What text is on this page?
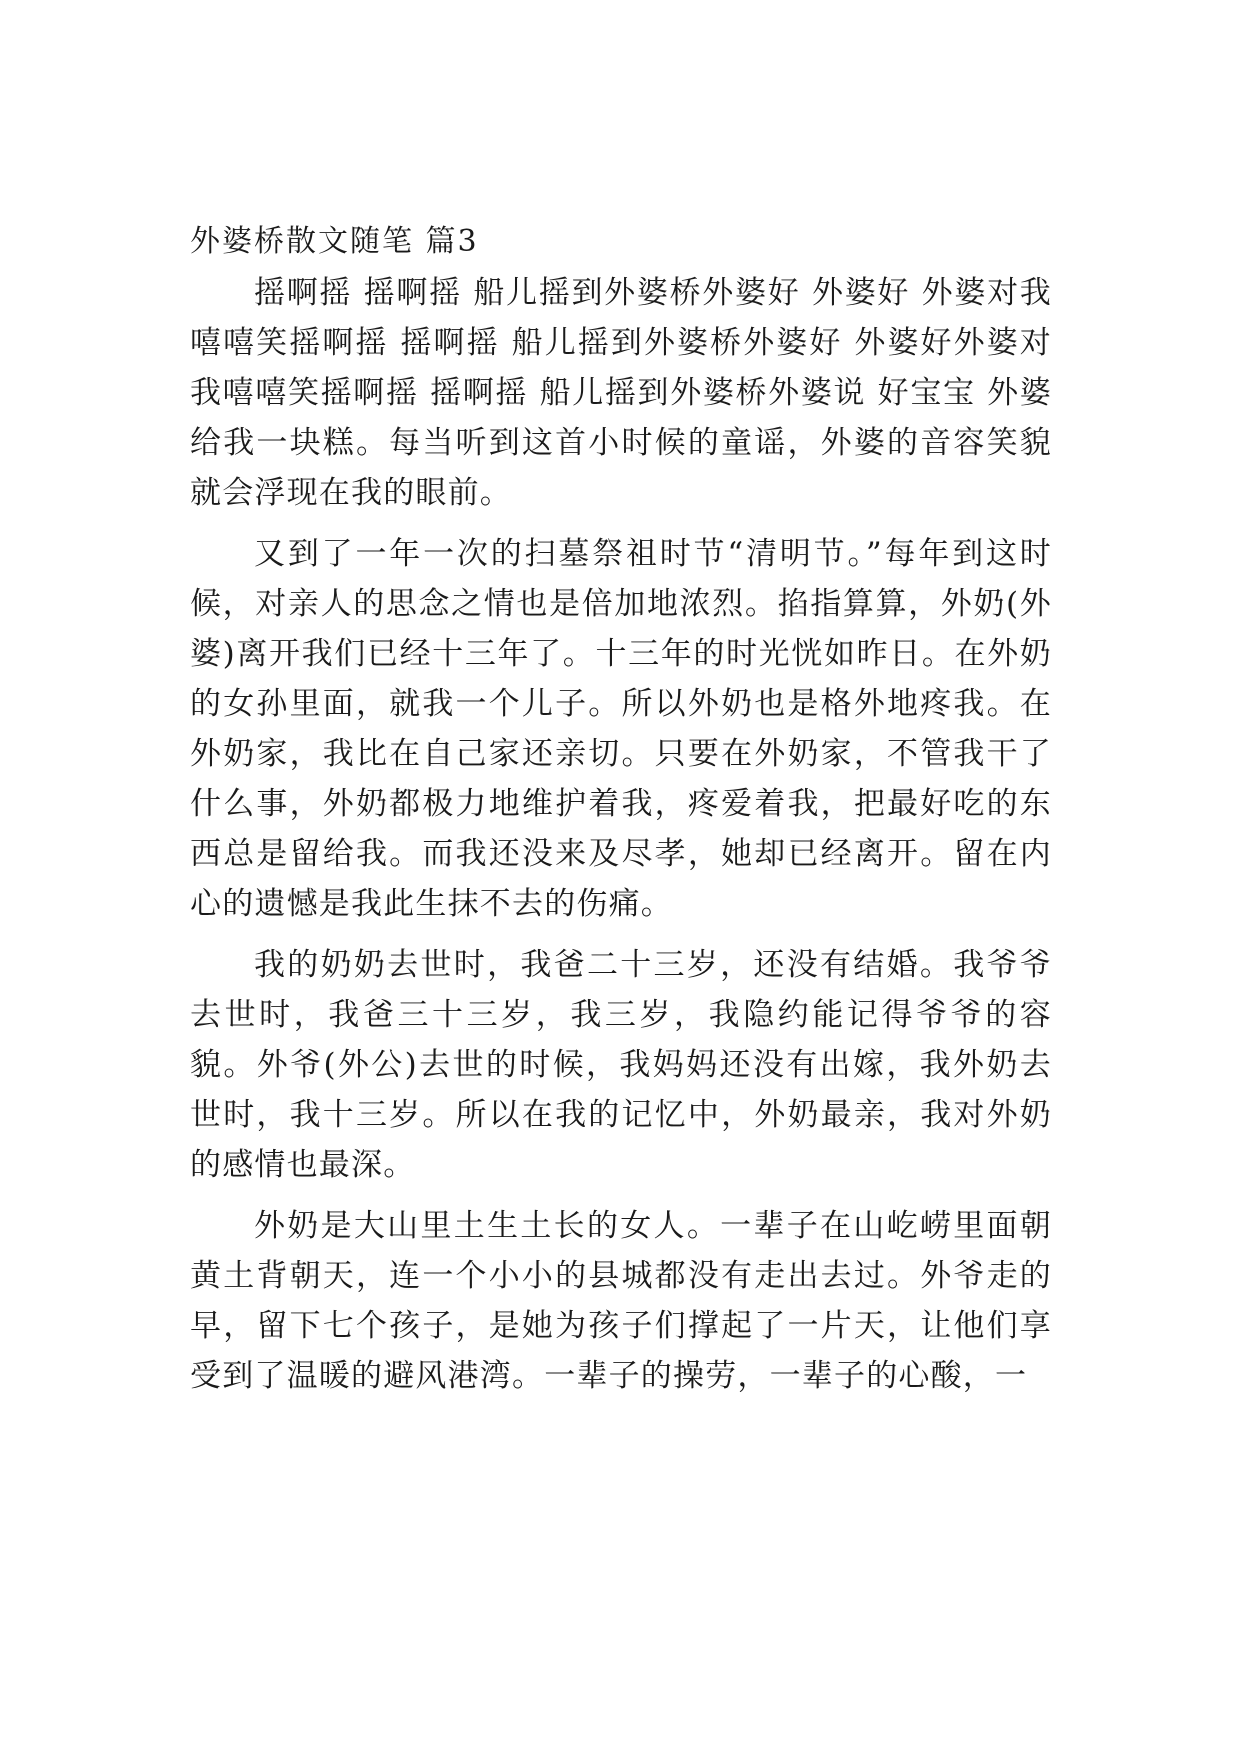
外婆桥散文随笔 篇3

摇啊摇 摇啊摇 船儿摇到外婆桥外婆好 外婆好 外婆对我嘻嘻笑摇啊摇 摇啊摇 船儿摇到外婆桥外婆好 外婆好外婆对我嘻嘻笑摇啊摇 摇啊摇 船儿摇到外婆桥外婆说 好宝宝 外婆给我一块糕。每当听到这首小时候的童谣，外婆的音容笑貌就会浮现在我的眼前。

又到了一年一次的扫墓祭祖时节“清明节。”每年到这时候，对亲人的思念之情也是倍加地浓烈。掐指算算，外奶(外婆)离开我们已经十三年了。十三年的时光恍如昨日。在外奶的女孙里面，就我一个儿子。所以外奶也是格外地疼我。在外奶家，我比在自己家还亲切。只要在外奶家，不管我干了什么事，外奶都极力地维护着我，疼爱着我，把最好吃的东西总是留给我。而我还没来及尽孝，她却已经离开。留在内心的遗憾是我此生抹不去的伤痛。

我的奶奶去世时，我爸二十三岁，还没有结婚。我爷爷去世时，我爸三十三岁，我三岁，我隐约能记得爷爷的容貌。外爷(外公)去世的时候，我妈妈还没有出嫁，我外奶去世时，我十三岁。所以在我的记忆中，外奶最亲，我对外奶的感情也最深。

外奶是大山里土生土长的女人。一辈子在山屹崂里面朝黄土背朝天，连一个小小的县城都没有走出去过。外爷走的早，留下七个孩子，是她为孩子们撑起了一片天，让他们享受到了温暖的避风港湾。一辈子的操劳，一辈子的心酸，一
